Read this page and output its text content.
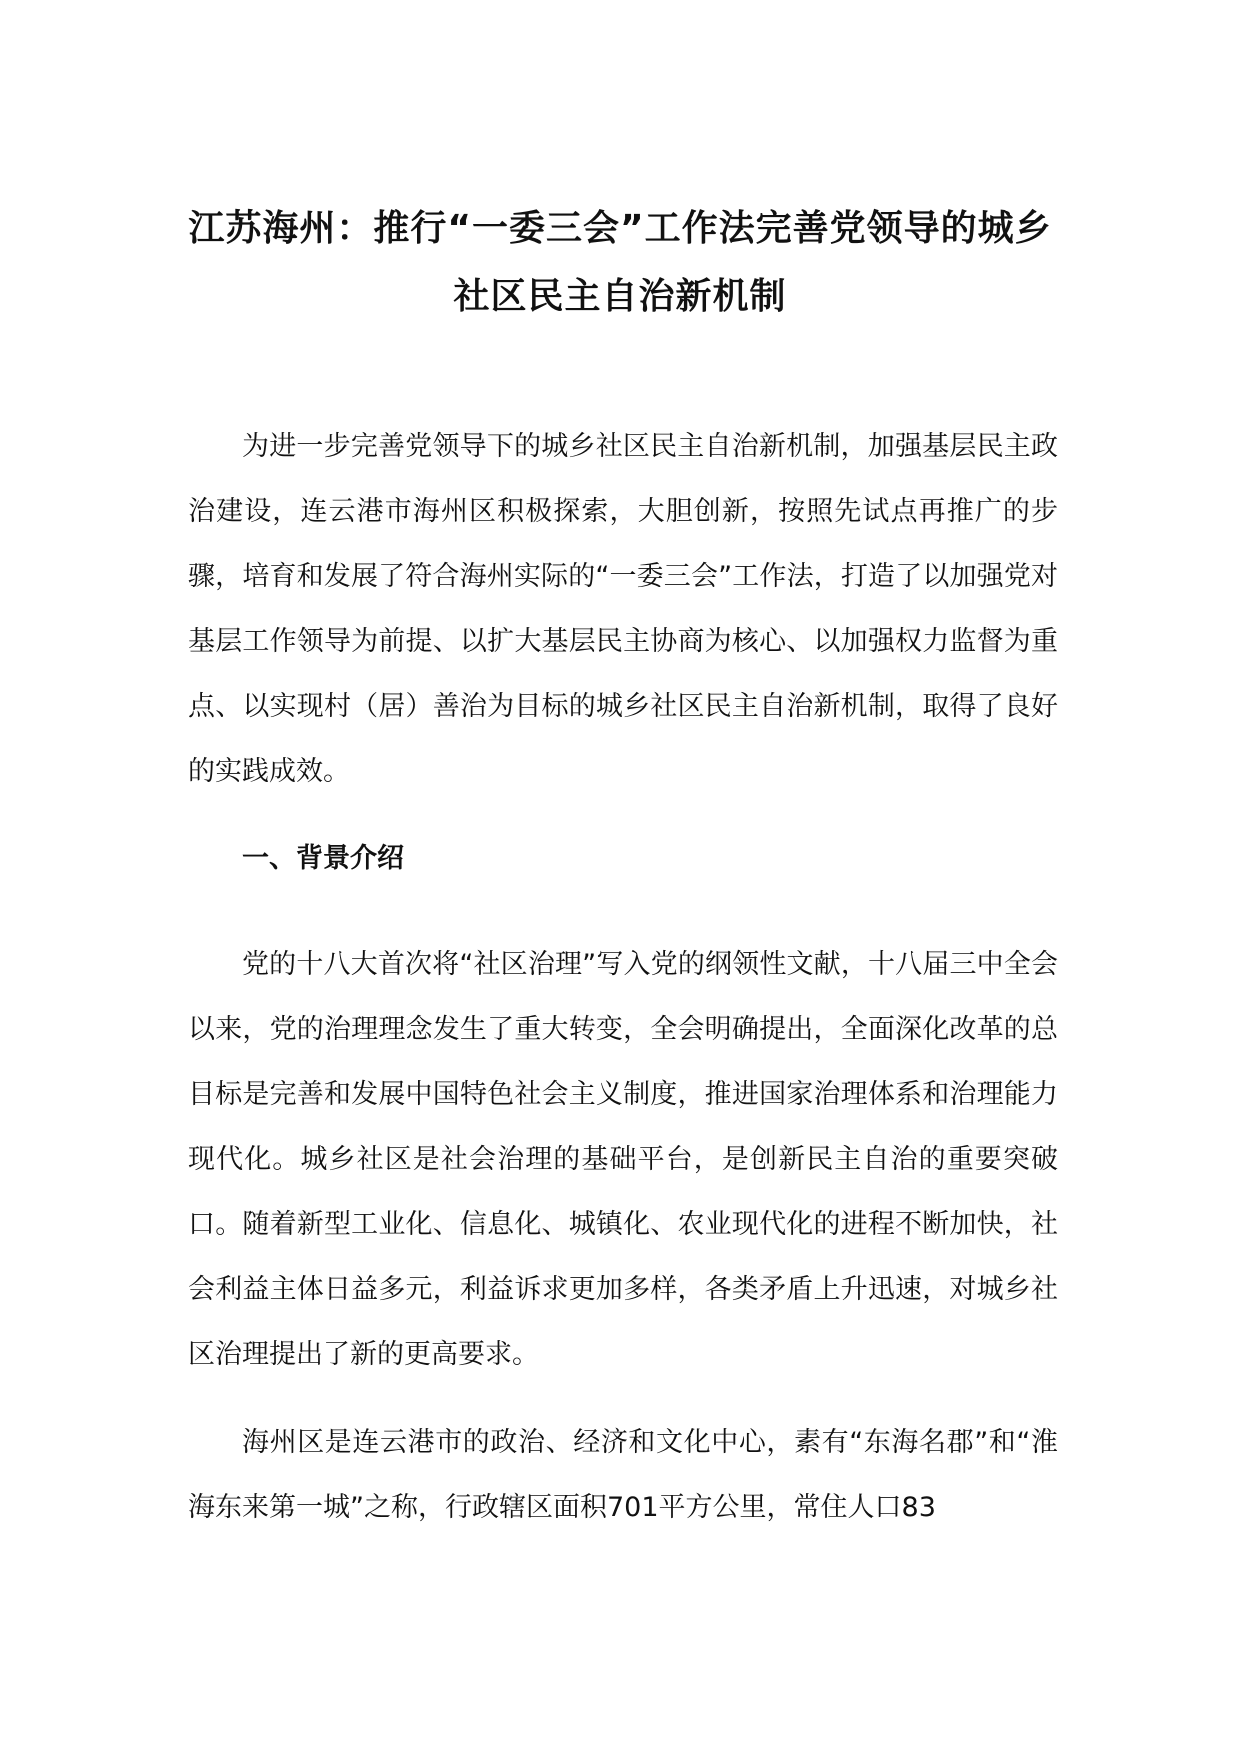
江苏海州：推行“一委三会”工作法完善党领导的城乡社区民主自治新机制

为进一步完善党领导下的城乡社区民主自治新机制，加强基层民主政治建设，连云港市海州区积极探索，大胆创新，按照先试点再推广的步骤，培育和发展了符合海州实际的“一委三会”工作法，打造了以加强党对基层工作领导为前提、以扩大基层民主协商为核心、以加强权力监督为重点、以实现村（居）善治为目标的城乡社区民主自治新机制，取得了良好的实践成效。

一、背景介绍

党的十八大首次将“社区治理”写入党的纲领性文献，十八届三中全会以来，党的治理理念发生了重大转变，全会明确提出，全面深化改革的总目标是完善和发展中国特色社会主义制度，推进国家治理体系和治理能力现代化。城乡社区是社会治理的基础平台，是创新民主自治的重要突破口。随着新型工业化、信息化、城镇化、农业现代化的进程不断加快，社会利益主体日益多元，利益诉求更加多样，各类矛盾上升迅速，对城乡社区治理提出了新的更高要求。

海州区是连云港市的政治、经济和文化中心，素有“东海名郡”和“淮海东来第一城”之称，行政辖区面积701平方公里，常住人口83
